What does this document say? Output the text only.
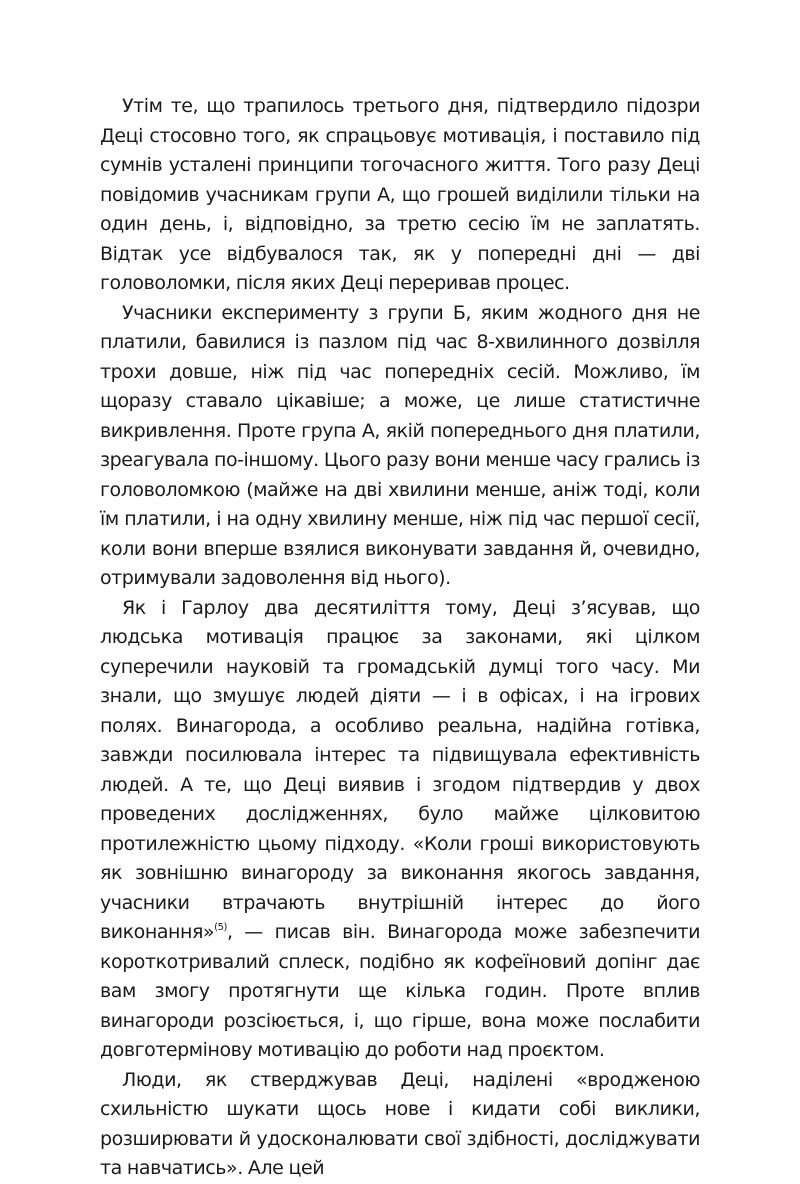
Утім те, що трапилось третього дня, підтвердило підозри Деці стосовно того, як спрацьовує мотивація, і поставило під сумнів усталені принципи тогочасного життя. Того разу Деці повідомив учасникам групи А, що грошей виділили тільки на один день, і, відповідно, за третю сесію їм не заплатять. Відтак усе відбувалося так, як у попередні дні — дві головоломки, після яких Деці переривав процес.

Учасники експерименту з групи Б, яким жодного дня не платили, бавилися із пазлом під час 8-хвилинного дозвілля трохи довше, ніж під час попередніх сесій. Можливо, їм щоразу ставало цікавіше; а може, це лише статистичне викривлення. Проте група А, якій попереднього дня платили, зреагувала по-іншому. Цього разу вони менше часу грались із головоломкою (майже на дві хвилини менше, аніж тоді, коли їм платили, і на одну хвилину менше, ніж під час першої сесії, коли вони вперше взялися виконувати завдання й, очевидно, отримували задоволення від нього).

Як і Гарлоу два десятиліття тому, Деці з’ясував, що людська мотивація працює за законами, які цілком суперечили науковій та громадській думці того часу. Ми знали, що змушує людей діяти — і в офісах, і на ігрових полях. Винагорода, а особливо реальна, надійна готівка, завжди посилювала інтерес та підвищувала ефективність людей. А те, що Деці виявив і згодом підтвердив у двох проведених дослідженнях, було майже цілковитою протилежністю цьому підходу. «Коли гроші використовують як зовнішню винагороду за виконання якогось завдання, учасники втрачають внутрішній інтерес до його виконання»$^{(5)}$, — писав він. Винагорода може забезпечити короткотривалий сплеск, подібно як кофеїновий допінг дає вам змогу протягнути ще кілька годин. Проте вплив винагороди розсіюється, і, що гірше, вона може послабити довготермінову мотивацію до роботи над проєктом.

Люди, як стверджував Деці, наділені «вродженою схильністю шукати щось нове і кидати собі виклики, розширювати й удосконалювати свої здібності, досліджувати та навчатись». Але цей
